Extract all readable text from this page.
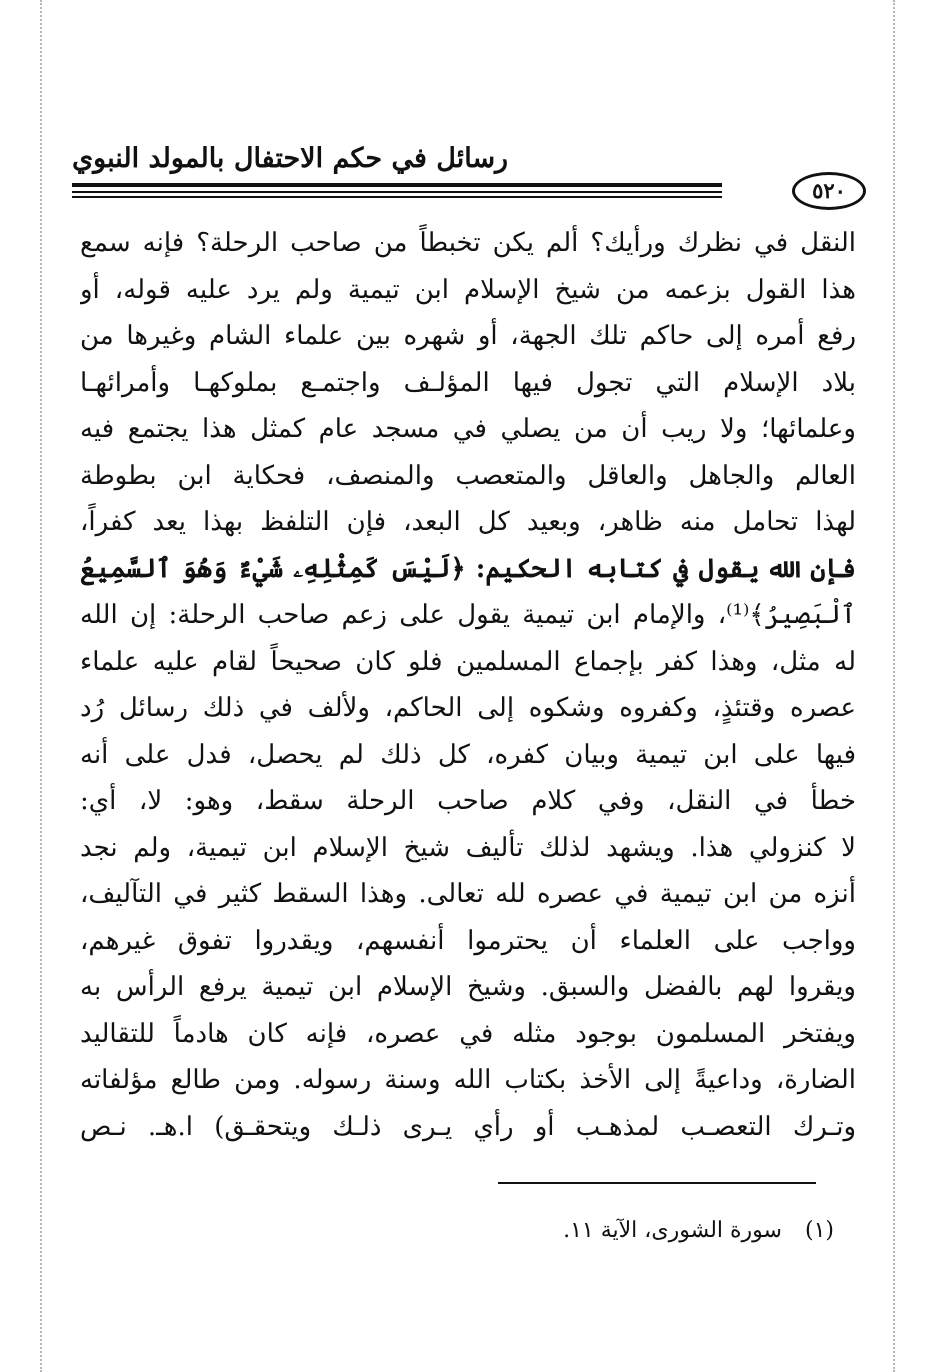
رسائل في حكم الاحتفال بالمولد النبوي
٥٢٠
النقل في نظرك ورأيك؟ ألم يكن تخبطاً من صاحب الرحلة؟ فإنه سمع
هذا القول بزعمه من شيخ الإسلام ابن تيمية ولم يرد عليه قوله، أو
رفع أمره إلى حاكم تلك الجهة، أو شهره بين علماء الشام وغيرها من
بلاد الإسلام التي تجول فيها المؤلـف واجتمـع بملوكهـا وأمرائهـا
وعلمائها؛ ولا ريب أن من يصلي في مسجد عام كمثل هذا يجتمع فيه
العالم والجاهل والعاقل والمتعصب والمنصف، فحكاية ابن بطوطة
لهذا تحامل منه ظاهر، وبعيد كل البعد، فإن التلفظ بهذا يعد كفراً،
فإن الله يقول في كتابه الحكيم: ﴿لَيْسَ كَمِثْلِهِۦ شَيْءٌ وَهُوَ ٱلسَّمِيعُ
ٱلْبَصِيرُ﴾⁽¹⁾، والإمام ابن تيمية يقول على زعم صاحب الرحلة: إن الله
له مثل، وهذا كفر بإجماع المسلمين فلو كان صحيحاً لقام عليه علماء
عصره وقتئذٍ، وكفروه وشكوه إلى الحاكم، ولألف في ذلك رسائل رُد
فيها على ابن تيمية وبيان كفره، كل ذلك لم يحصل، فدل على أنه
خطأ في النقل، وفي كلام صاحب الرحلة سقط، وهو: لا، أي:
لا كنزولي هذا. ويشهد لذلك تأليف شيخ الإسلام ابن تيمية، ولم نجد
أنزه من ابن تيمية في عصره لله تعالى. وهذا السقط كثير في التآليف،
وواجب على العلماء أن يحترموا أنفسهم، ويقدروا تفوق غيرهم،
ويقروا لهم بالفضل والسبق. وشيخ الإسلام ابن تيمية يرفع الرأس به
ويفتخر المسلمون بوجود مثله في عصره، فإنه كان هادماً للتقاليد
الضارة، وداعيةً إلى الأخذ بكتاب الله وسنة رسوله. ومن طالع مؤلفاته
وتـرك التعصـب لمذهـب أو رأي يـرى ذلـك ويتحقـق) ا.هـ. نـص
(١) سورة الشورى، الآية ١١.
